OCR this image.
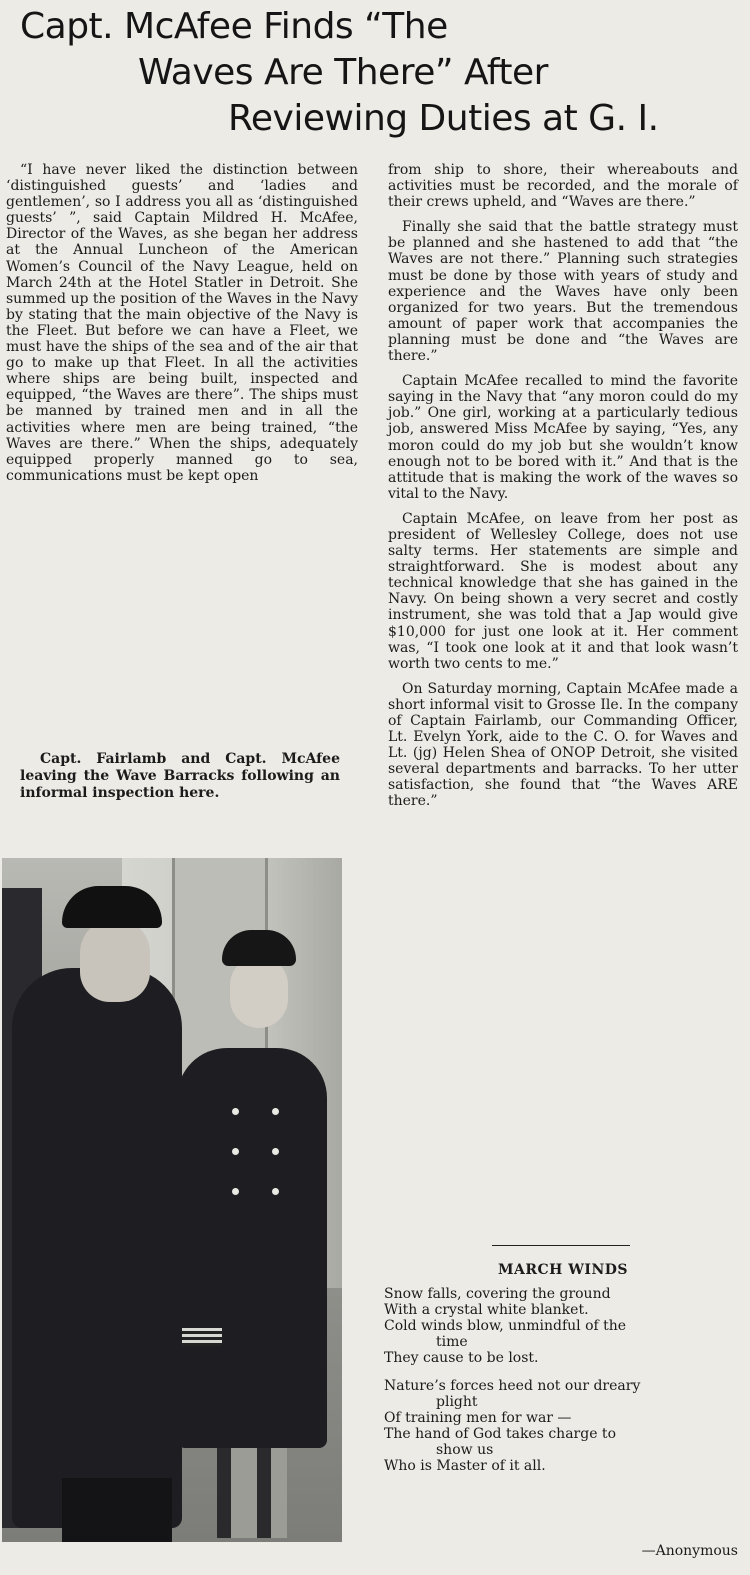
Capt. McAfee Finds “The
Waves Are There” After
Reviewing Duties at G. I.

“I have never liked the distinction between ‘distinguished guests’ and ‘ladies and gentlemen’, so I address you all as ‘distinguished guests’ ”, said Captain Mildred H. McAfee, Director of the Waves, as she began her address at the Annual Luncheon of the American Women’s Council of the Navy League, held on March 24th at the Hotel Statler in Detroit. She summed up the position of the Waves in the Navy by stating that the main objective of the Navy is the Fleet. But before we can have a Fleet, we must have the ships of the sea and of the air that go to make up that Fleet. In all the activities where ships are being built, inspected and equipped, “the Waves are there”. The ships must be manned by trained men and in all the activities where men are being trained, “the Waves are there.” When the ships, adequately equipped properly manned go to sea, communications must be kept open

Capt. Fairlamb and Capt. McAfee leaving the Wave Barracks following an informal inspection here.

from ship to shore, their whereabouts and activities must be recorded, and the morale of their crews upheld, and “Waves are there.”

Finally she said that the battle strategy must be planned and she hastened to add that “the Waves are not there.” Planning such strategies must be done by those with years of study and experience and the Waves have only been organized for two years. But the tremendous amount of paper work that accompanies the planning must be done and “the Waves are there.”

Captain McAfee recalled to mind the favorite saying in the Navy that “any moron could do my job.” One girl, working at a particularly tedious job, answered Miss McAfee by saying, “Yes, any moron could do my job but she wouldn’t know enough not to be bored with it.” And that is the attitude that is making the work of the waves so vital to the Navy.

Captain McAfee, on leave from her post as president of Wellesley College, does not use salty terms. Her statements are simple and straightforward. She is modest about any technical knowledge that she has gained in the Navy. On being shown a very secret and costly instrument, she was told that a Jap would give $10,000 for just one look at it. Her comment was, “I took one look at it and that look wasn’t worth two cents to me.”

On Saturday morning, Captain McAfee made a short informal visit to Grosse Ile. In the company of Captain Fairlamb, our Commanding Officer, Lt. Evelyn York, aide to the C. O. for Waves and Lt. (jg) Helen Shea of ONOP Detroit, she visited several departments and barracks. To her utter satisfaction, she found that “the Waves ARE there.”

MARCH WINDS
Snow falls, covering the ground
With a crystal white blanket.
Cold winds blow, unmindful of the
time
They cause to be lost.
Nature’s forces heed not our dreary
plight
Of training men for war —
The hand of God takes charge to
show us
Who is Master of it all.
—Anonymous
